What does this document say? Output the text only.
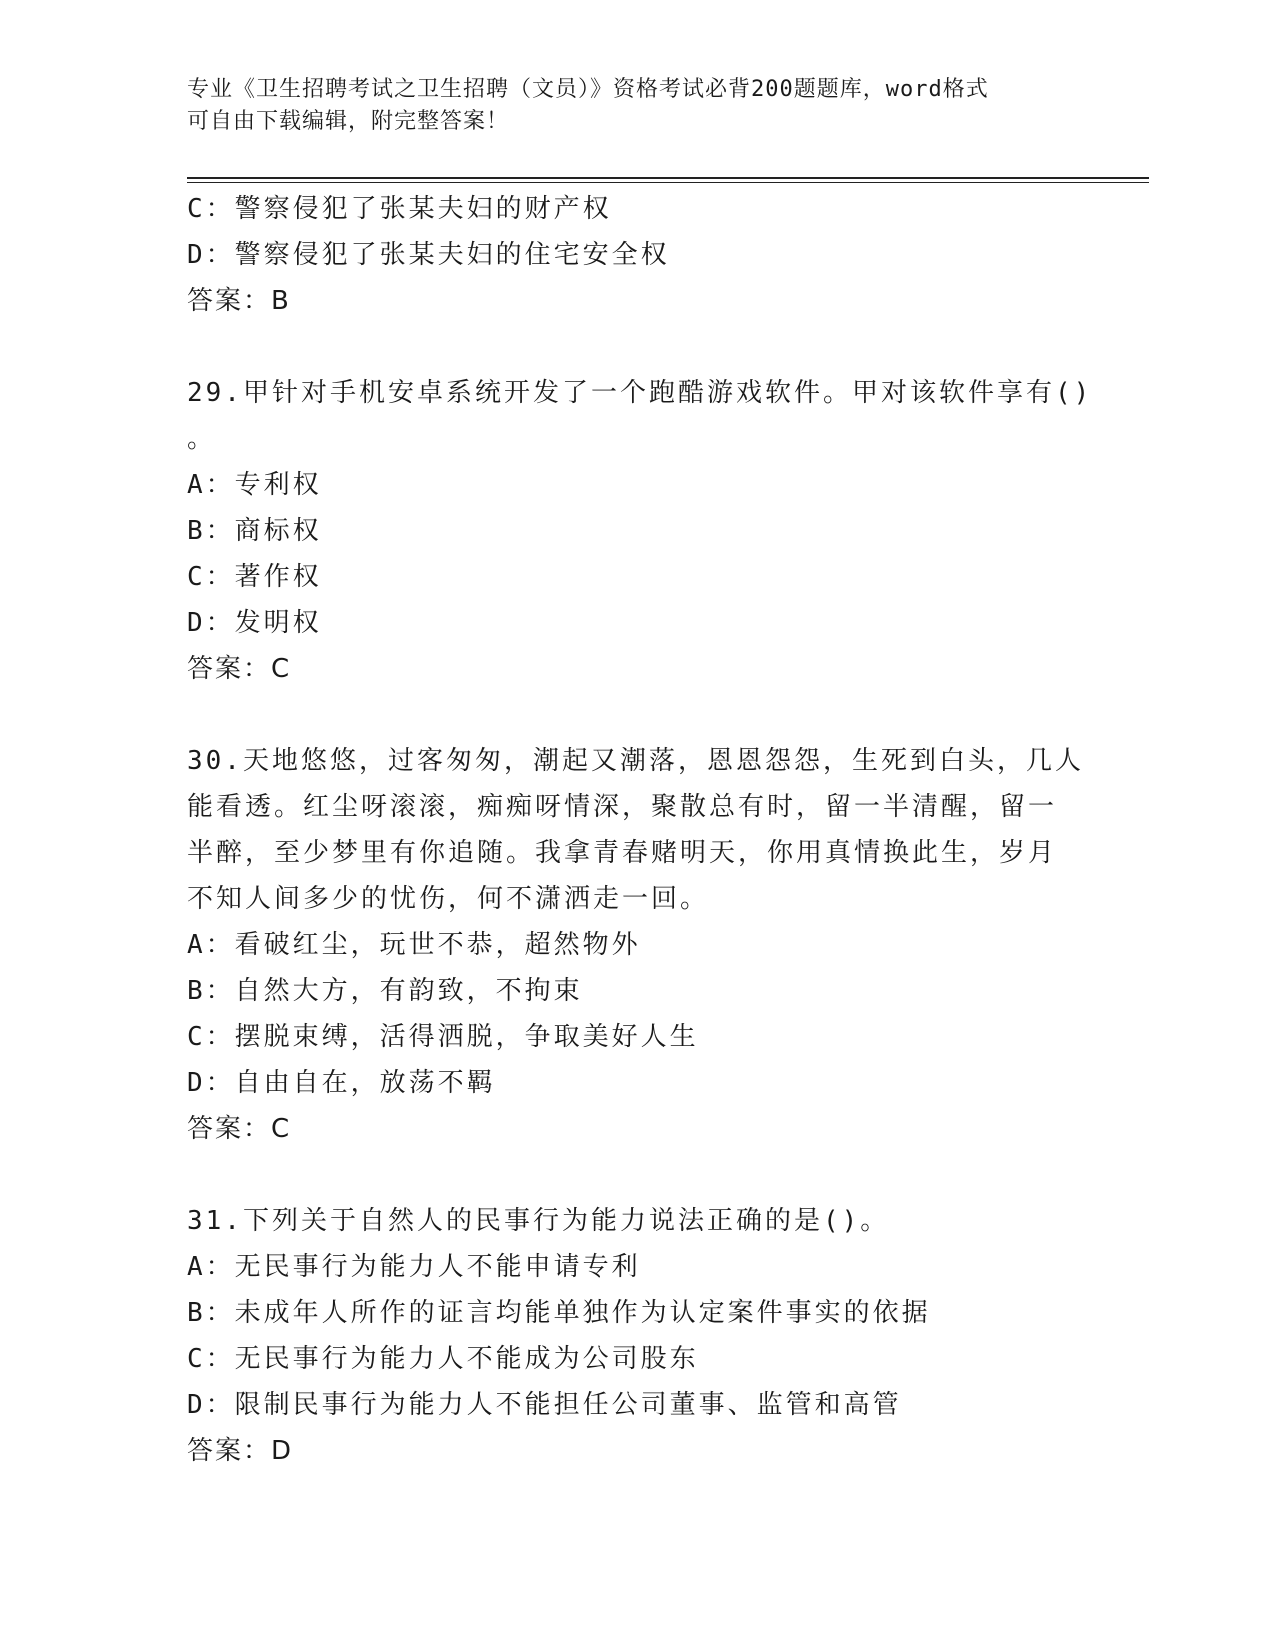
专业《卫生招聘考试之卫生招聘（文员）》资格考试必背200题题库，word格式
可自由下载编辑，附完整答案！
C：警察侵犯了张某夫妇的财产权
D：警察侵犯了张某夫妇的住宅安全权
答案：B
29.甲针对手机安卓系统开发了一个跑酷游戏软件。甲对该软件享有()
。
A：专利权
B：商标权
C：著作权
D：发明权
答案：C
30.天地悠悠，过客匆匆，潮起又潮落，恩恩怨怨，生死到白头，几人
能看透。红尘呀滚滚，痴痴呀情深，聚散总有时，留一半清醒，留一
半醉，至少梦里有你追随。我拿青春赌明天，你用真情换此生，岁月
不知人间多少的忧伤，何不潇洒走一回。
A：看破红尘，玩世不恭，超然物外
B：自然大方，有韵致，不拘束
C：摆脱束缚，活得洒脱，争取美好人生
D：自由自在，放荡不羁
答案：C
31.下列关于自然人的民事行为能力说法正确的是()。
A：无民事行为能力人不能申请专利
B：未成年人所作的证言均能单独作为认定案件事实的依据
C：无民事行为能力人不能成为公司股东
D：限制民事行为能力人不能担任公司董事、监管和高管
答案：D
